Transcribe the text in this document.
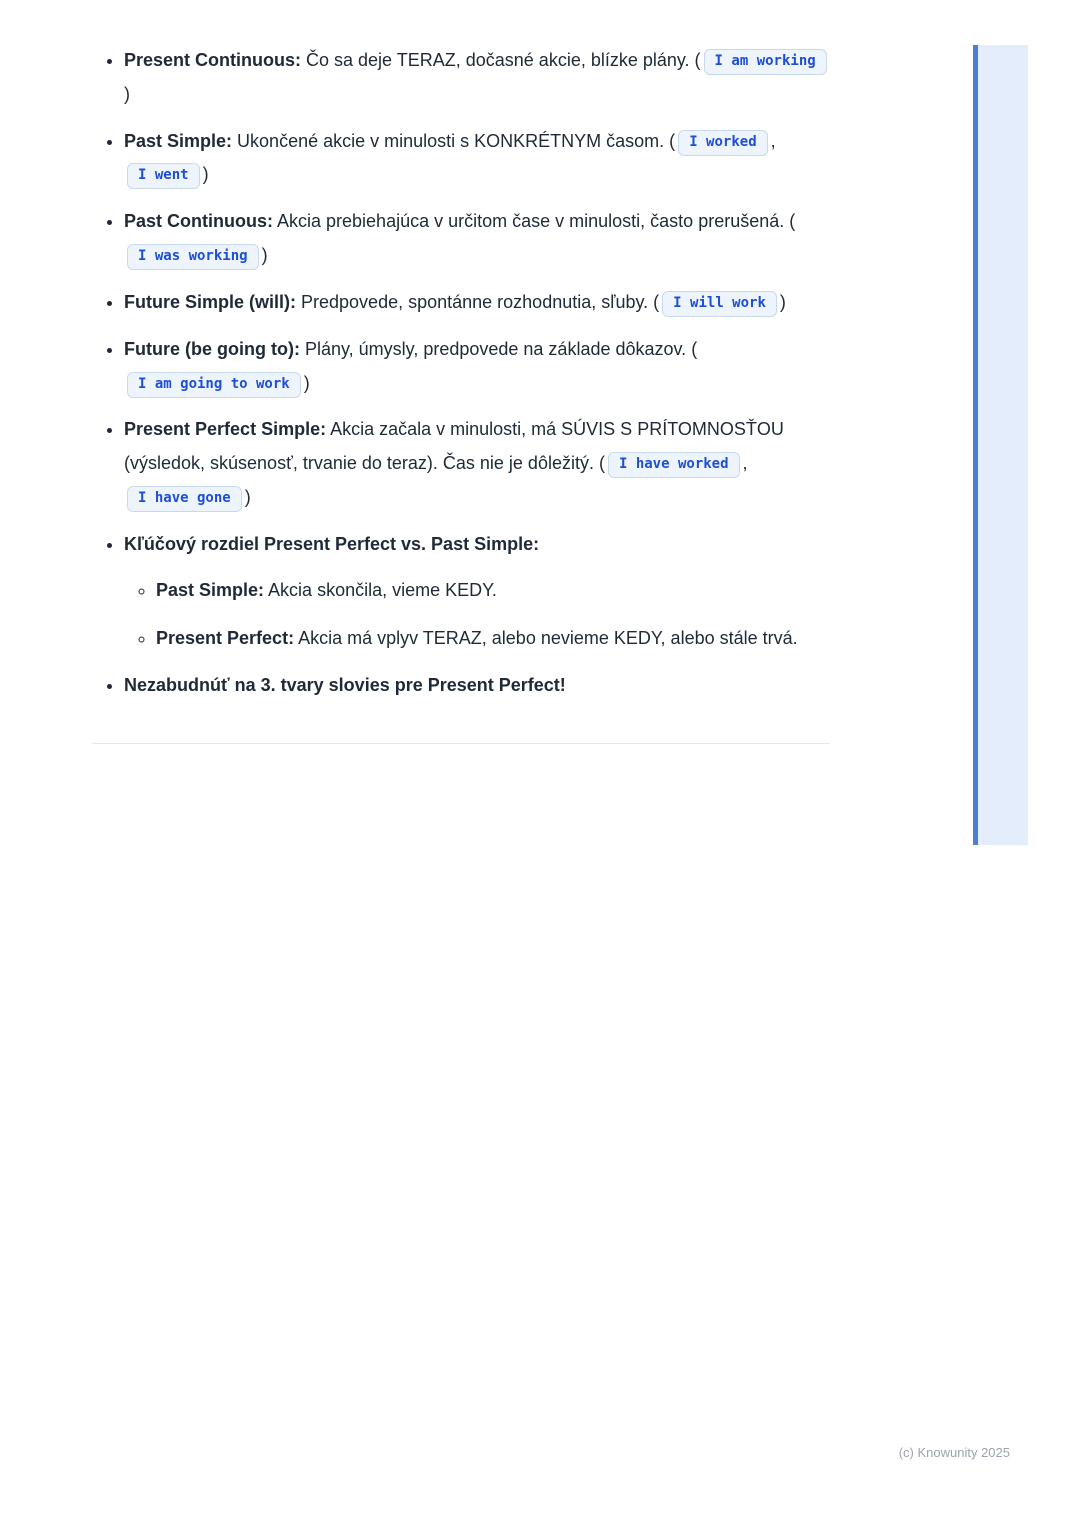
• Present Continuous: Čo sa deje TERAZ, dočasné akcie, blízke plány. ( I am working)
• Past Simple: Ukončené akcie v minulosti s KONKRÉTNYM časom. ( I worked , I went )
• Past Continuous: Akcia prebiehajúca v určitom čase v minulosti, často prerušená. (I was working )
• Future Simple (will): Predpovede, spontánne rozhodnutia, sľuby. ( I will work )
• Future (be going to): Plány, úmysly, predpovede na základe dôkazov. (I am going to work )
• Present Perfect Simple: Akcia začala v minulosti, má SÚVIS S PRÍTOMNOSŤOU (výsledok, skúsenosť, trvanie do teraz). Čas nie je dôležitý. ( I have worked , I have gone )
• Kľúčový rozdiel Present Perfect vs. Past Simple:
◦ Past Simple: Akcia skončila, vieme KEDY.
◦ Present Perfect: Akcia má vplyv TERAZ, alebo nevieme KEDY, alebo stále trvá.
• Nezabudnúť na 3. tvary slovies pre Present Perfect!
(c) Knowunity 2025
